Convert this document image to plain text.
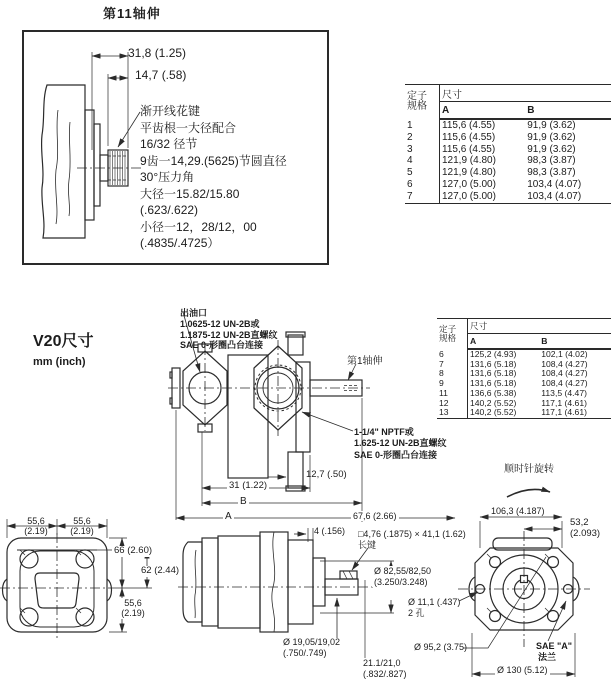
第11轴伸
31,8 (1.25)
14,7 (.58)
渐开线花键
平齿根一大径配合
16/32 径节
9齿一14,29.(5625)节圆直径
30°压力角
大径一15.82/15.80
(.623/.622)
小径一12，28/12，00
(.4835/.4725）
定子
规格	尺寸	
	A	B
1	115,6 (4.55)	91,9 (3.62)
2	115,6 (4.55)	91,9 (3.62)
3	115,6 (4.55)	91,9 (3.62)
4	121,9 (4.80)	98,3 (3.87)
5	121,9 (4.80)	98,3 (3.87)
6	127,0 (5.00)	103,4 (4.07)
7	127,0 (5.00)	103,4 (4.07)
定子
规格	尺寸	
	A	B
6	125,2 (4.93)	102,1 (4.02)
7	131,6 (5.18)	108,4 (4.27)
8	131,6 (5.18)	108,4 (4.27)
9	131,6 (5.18)	108,4 (4.27)
11	136,6 (5.38)	113,5 (4.47)
12	140,2 (5.52)	117,1 (4.61)
13	140,2 (5.52)	117,1 (4.61)
V20尺寸
mm (inch)
出油口
1.0625-12 UN-2B或
1.1875-12 UN-2B直螺纹
SAE 0-形圈凸台连接
第1轴伸
1-1/4" NPTF或
1.625-12 UN-2B直螺纹
SAE 0-形圈凸台连接
12,7 (.50)
31 (1.22)
B
A	67,6 (2.66)
顺时针旋转
55,6 (2.19)
55,6 (2.19)
66 (2.60)
62 (2.44)
55,6 (2.19)
4 (.156) □4,76 (.1875) × 41,1 (1.62)
长键
Ø 82,55/82,50
(3.250/3.248)
Ø 11,1 (.437)
2 孔
Ø 19,05/19,02
(.750/.749)
21.1/21,0
(.832/.827)
106,3 (4.187)
53,2
(2.093)
Ø 95,2 (3.75)	SAE "A"
法兰
Ø 130 (5.12)
